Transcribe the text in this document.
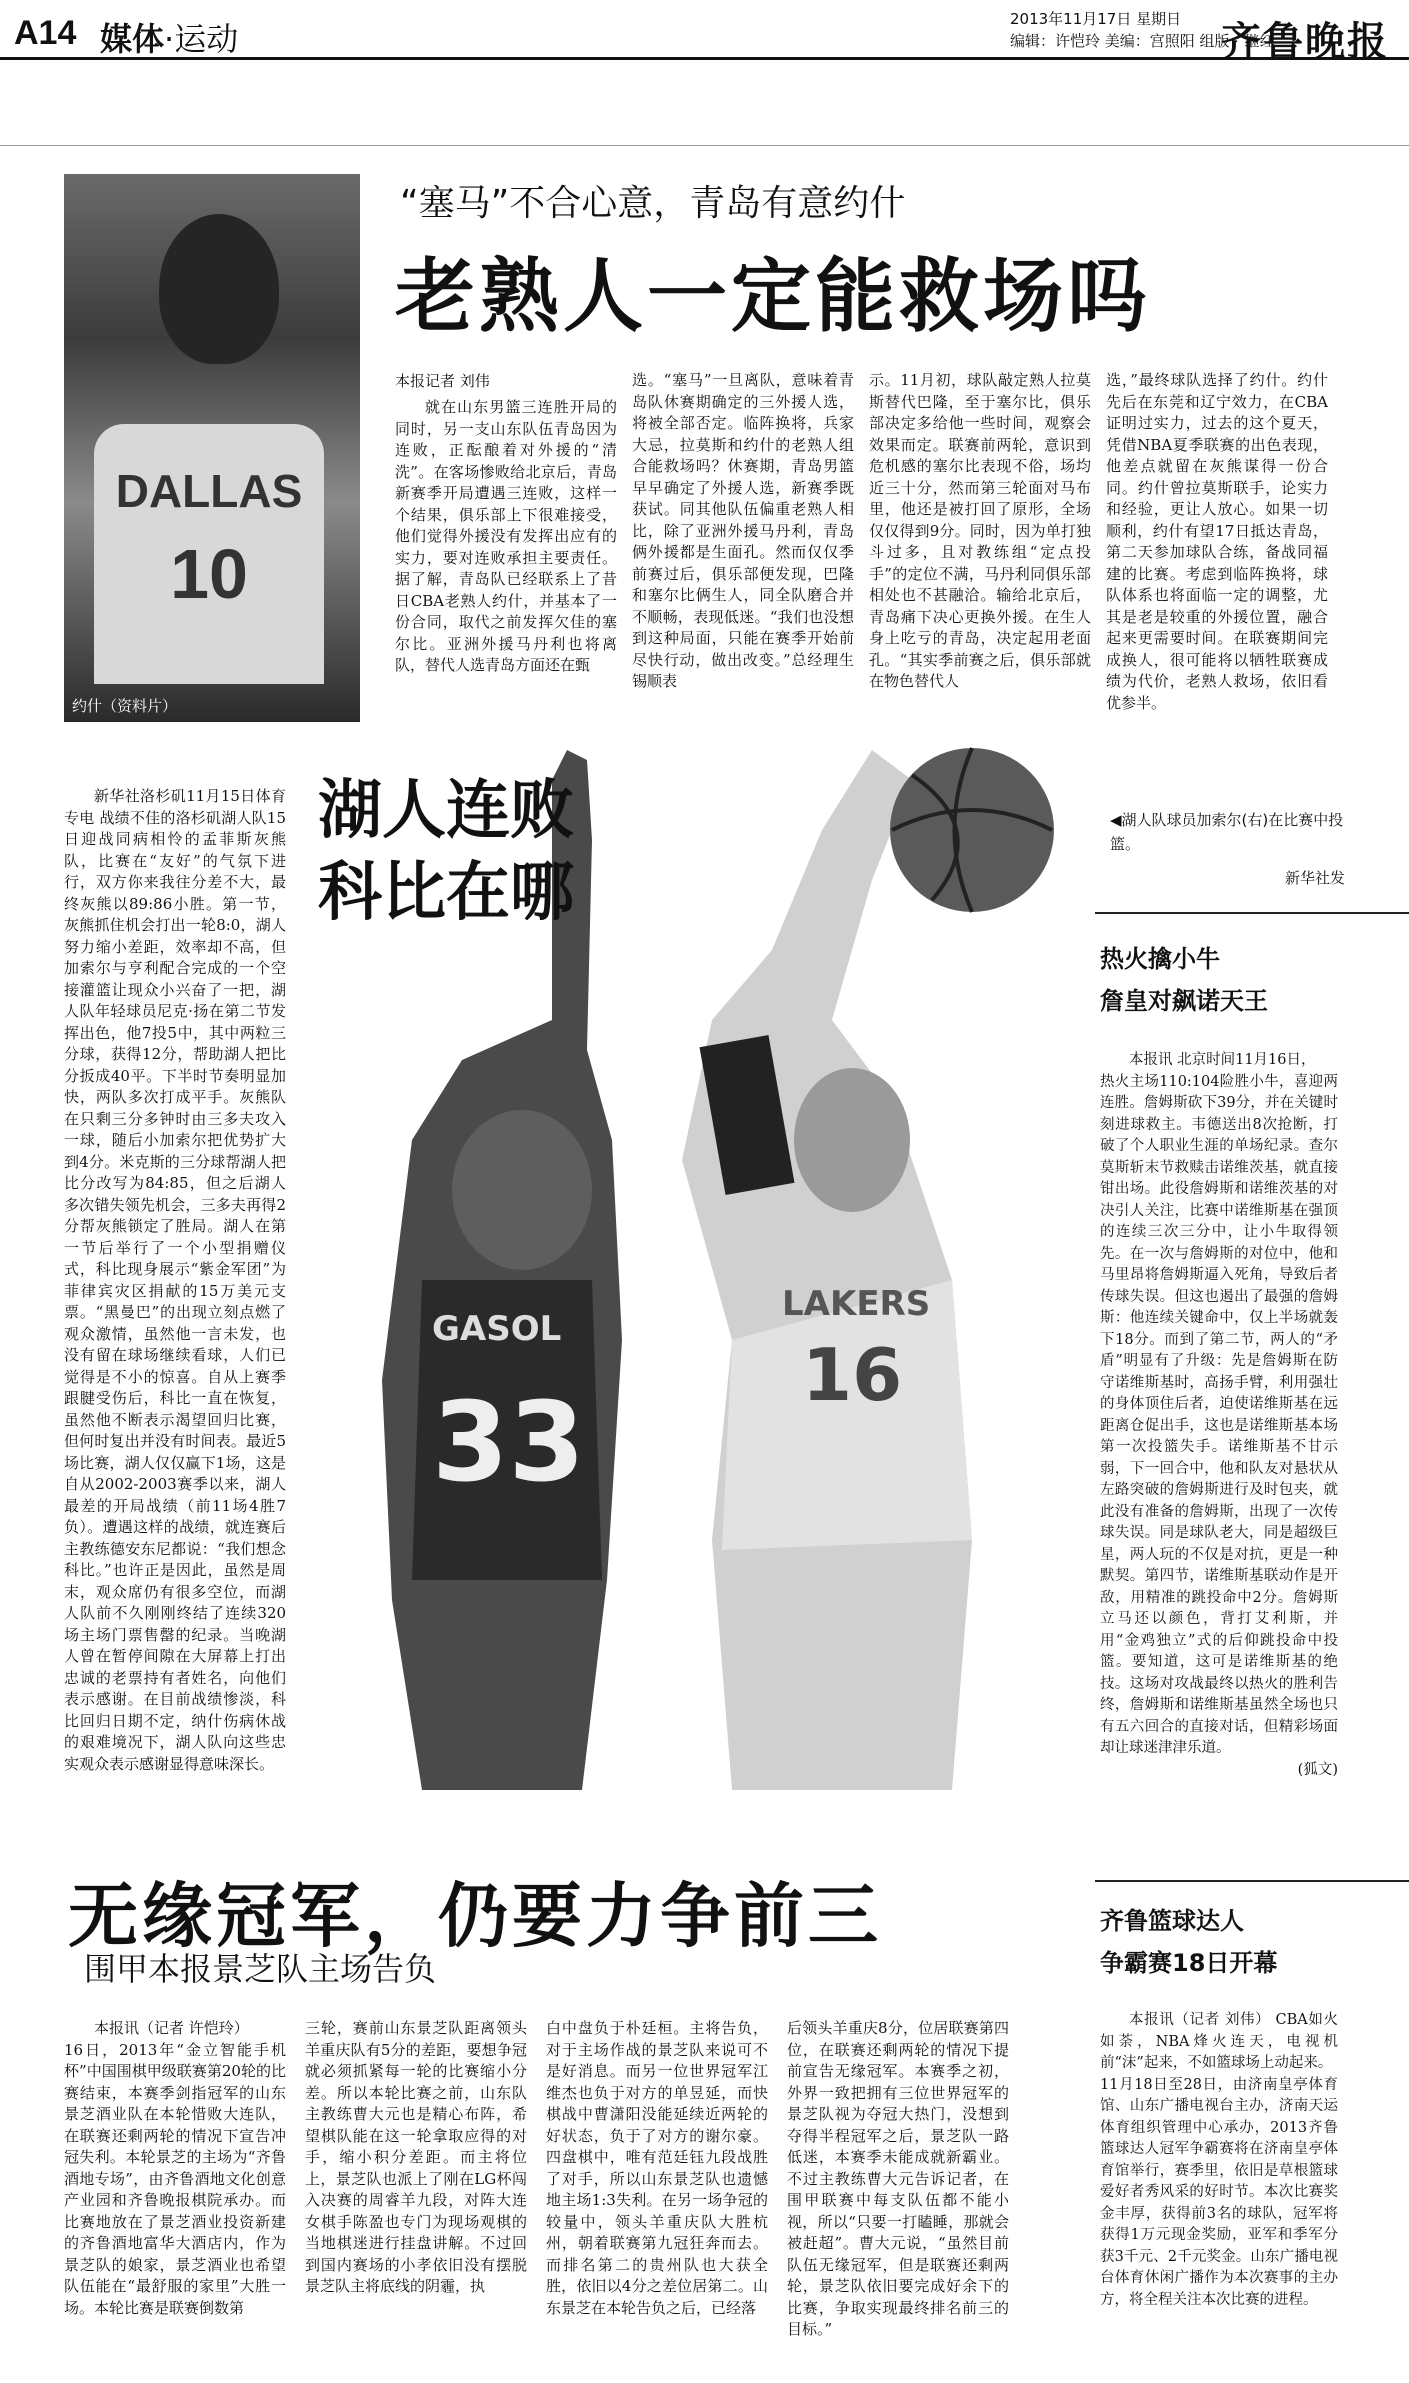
A14 媒体·运动
2013年11月17日 星期日
编辑：许恺玲 美编：宫照阳 组版：继红
齐鲁晚报
DALLAS
10
约什（资料片）
“塞马”不合心意，青岛有意约什
老熟人一定能救场吗
本报记者 刘伟

就在山东男篮三连胜开局的同时，另一支山东队伍青岛因为连败，正酝酿着对外援的“清洗”。在客场惨败给北京后，青岛新赛季开局遭遇三连败，这样一个结果，俱乐部上下很难接受，他们觉得外援没有发挥出应有的实力，要对连败承担主要责任。据了解，青岛队已经联系上了昔日CBA老熟人约什，并基本了一份合同，取代之前发挥欠佳的塞尔比。亚洲外援马丹利也将离队，替代人选青岛方面还在甄

选。“塞马”一旦离队，意味着青岛队休赛期确定的三外援人选，将被全部否定。临阵换将，兵家大忌，拉莫斯和约什的老熟人组合能救场吗？休赛期，青岛男篮早早确定了外援人选，新赛季既获试。同其他队伍偏重老熟人相比，除了亚洲外援马丹利，青岛俩外援都是生面孔。然而仅仅季前赛过后，俱乐部便发现，巴隆和塞尔比俩生人，同全队磨合并不顺畅，表现低迷。“我们也没想到这种局面，只能在赛季开始前尽快行动，做出改变。”总经理生锡顺表

示。11月初，球队敲定熟人拉莫斯替代巴隆，至于塞尔比，俱乐部决定多给他一些时间，观察会效果而定。联赛前两轮，意识到危机感的塞尔比表现不俗，场均近三十分，然而第三轮面对马布里，他还是被打回了原形，全场仅仅得到9分。同时，因为单打独斗过多，且对教练组“定点投手”的定位不满，马丹利同俱乐部相处也不甚融洽。输给北京后，青岛痛下决心更换外援。在生人身上吃亏的青岛，决定起用老面孔。“其实季前赛之后，俱乐部就在物色替代人

选，”最终球队选择了约什。约什先后在东莞和辽宁效力，在CBA证明过实力，过去的这个夏天，凭借NBA夏季联赛的出色表现，他差点就留在灰熊谋得一份合同。约什曾拉莫斯联手，论实力和经验，更让人放心。如果一切顺利，约什有望17日抵达青岛，第二天参加球队合练，备战同福建的比赛。考虑到临阵换将，球队体系也将面临一定的调整，尤其是老是较重的外援位置，融合起来更需要时间。在联赛期间完成换人，很可能将以牺牲联赛成绩为代价，老熟人救场，依旧看优参半。

LAKERS
16
GASOL
33
湖人连败
科比在哪

新华社洛杉矶11月15日体育专电 战绩不佳的洛杉矶湖人队15日迎战同病相怜的孟菲斯灰熊队，比赛在“友好”的气氛下进行，双方你来我往分差不大，最终灰熊以89:86小胜。第一节，灰熊抓住机会打出一轮8:0，湖人努力缩小差距，效率却不高，但加索尔与亨利配合完成的一个空接灌篮让现众小兴奋了一把，湖人队年轻球员尼克·扬在第二节发挥出色，他7投5中，其中两粒三分球，获得12分，帮助湖人把比分扳成40平。下半时节奏明显加快，两队多次打成平手。灰熊队在只剩三分多钟时由三多夫攻入一球，随后小加索尔把优势扩大到4分。米克斯的三分球帮湖人把比分改写为84:85，但之后湖人多次错失领先机会，三多夫再得2分帮灰熊锁定了胜局。湖人在第一节后举行了一个小型捐赠仪式，科比现身展示“紫金军团”为菲律宾灾区捐献的15万美元支票。“黑曼巴”的出现立刻点燃了观众激情，虽然他一言未发，也没有留在球场继续看球，人们已觉得是不小的惊喜。自从上赛季跟腱受伤后，科比一直在恢复，虽然他不断表示渴望回归比赛，但何时复出并没有时间表。最近5场比赛，湖人仅仅赢下1场，这是自从2002-2003赛季以来，湖人最差的开局战绩（前11场4胜7负）。遭遇这样的战绩，就连赛后主教练德安东尼都说：“我们想念科比。”也许正是因此，虽然是周末，观众席仍有很多空位，而湖人队前不久刚刚终结了连续320场主场门票售罄的纪录。当晚湖人曾在暂停间隙在大屏幕上打出忠诚的老票持有者姓名，向他们表示感谢。在目前战绩惨淡，科比回归日期不定，纳什伤病休战的艰难境况下，湖人队向这些忠实观众表示感谢显得意味深长。

◀湖人队球员加索尔(右)在比赛中投篮。
新华社发
热火擒小牛
詹皇对飙诺天王

本报讯 北京时间11月16日，

热火主场110:104险胜小牛，喜迎两连胜。詹姆斯砍下39分，并在关键时刻进球救主。韦德送出8次抢断，打破了个人职业生涯的单场纪录。查尔莫斯斩末节救赎击诺维茨基，就直接钳出场。此役詹姆斯和诺维茨基的对决引人关注，比赛中诺维斯基在强顶的连续三次三分中，让小牛取得领先。在一次与詹姆斯的对位中，他和马里昂将詹姆斯逼入死角，导致后者传球失误。但这也遏出了最强的詹姆斯：他连续关键命中，仅上半场就轰下18分。而到了第二节，两人的“矛盾”明显有了升级：先是詹姆斯在防守诺维斯基时，高扬手臂，利用强壮的身体顶住后者，迫使诺维斯基在远距离仓促出手，这也是诺维斯基本场第一次投篮失手。诺维斯基不甘示弱，下一回合中，他和队友对悬状从左路突破的詹姆斯进行及时包夹，就此没有准备的詹姆斯，出现了一次传球失误。同是球队老大，同是超级巨星，两人玩的不仅是对抗，更是一种默契。第四节，诺维斯基联动作是开敌，用精准的跳投命中2分。詹姆斯立马还以颜色，背打艾利斯，并用“金鸡独立”式的后仰跳投命中投篮。要知道，这可是诺维斯基的绝技。这场对攻战最终以热火的胜利告终，詹姆斯和诺维斯基虽然全场也只有五六回合的直接对话，但精彩场面却让球迷津津乐道。

(狐文)

无缘冠军，仍要力争前三
围甲本报景芝队主场告负

本报讯（记者 许恺玲）

16日，2013年“金立智能手机杯”中国围棋甲级联赛第20轮的比赛结束，本赛季剑指冠军的山东景芝酒业队在本轮惜败大连队，在联赛还剩两轮的情况下宣告冲冠失利。本轮景芝的主场为“齐鲁酒地专场”，由齐鲁酒地文化创意产业园和齐鲁晚报棋院承办。而比赛地放在了景芝酒业投资新建的齐鲁酒地富华大酒店内，作为景芝队的娘家，景芝酒业也希望队伍能在“最舒服的家里”大胜一场。本轮比赛是联赛倒数第

三轮，赛前山东景芝队距离领头羊重庆队有5分的差距，要想争冠就必须抓紧每一轮的比赛缩小分差。所以本轮比赛之前，山东队主教练曹大元也是精心布阵，希望棋队能在这一轮拿取应得的对手，缩小积分差距。而主将位上，景芝队也派上了刚在LG杯闯入决赛的周睿羊九段，对阵大连女棋手陈盈也专门为现场观棋的当地棋迷进行挂盘讲解。不过回到国内赛场的小孝依旧没有摆脱景芝队主将底线的阴霾，执

白中盘负于朴廷桓。主将告负，对于主场作战的景芝队来说可不是好消息。而另一位世界冠军江维杰也负于对方的单昱延，而快棋战中曹潇阳没能延续近两轮的好状态，负于了对方的谢尔豪。四盘棋中，唯有范廷钰九段战胜了对手，所以山东景芝队也遗憾地主场1:3失利。在另一场争冠的较量中，领头羊重庆队大胜杭州，朝着联赛第九冠狂奔而去。而排名第二的贵州队也大获全胜，依旧以4分之差位居第二。山东景芝在本轮告负之后，已经落

后领头羊重庆8分，位居联赛第四位，在联赛还剩两轮的情况下提前宣告无缘冠军。本赛季之初，外界一致把拥有三位世界冠军的景芝队视为夺冠大热门，没想到夺得半程冠军之后，景芝队一路低迷，本赛季未能成就新霸业。不过主教练曹大元告诉记者，在围甲联赛中每支队伍都不能小视，所以“只要一打瞌睡，那就会被赶超”。曹大元说，“虽然目前队伍无缘冠军，但是联赛还剩两轮，景芝队依旧要完成好余下的比赛，争取实现最终排名前三的目标。”

齐鲁篮球达人
争霸赛18日开幕

本报讯（记者 刘伟） CBA如火如荼，NBA烽火连天，电视机前“沫”起来，不如篮球场上动起来。

11月18日至28日，由济南皇亭体育馆、山东广播电视台主办，济南天运体育组织管理中心承办，2013齐鲁篮球达人冠军争霸赛将在济南皇亭体育馆举行，赛季里，依旧是草根篮球爱好者秀风采的好时节。本次比赛奖金丰厚，获得前3名的球队，冠军将获得1万元现金奖励，亚军和季军分获3千元、2千元奖金。山东广播电视台体育休闲广播作为本次赛事的主办方，将全程关注本次比赛的进程。
